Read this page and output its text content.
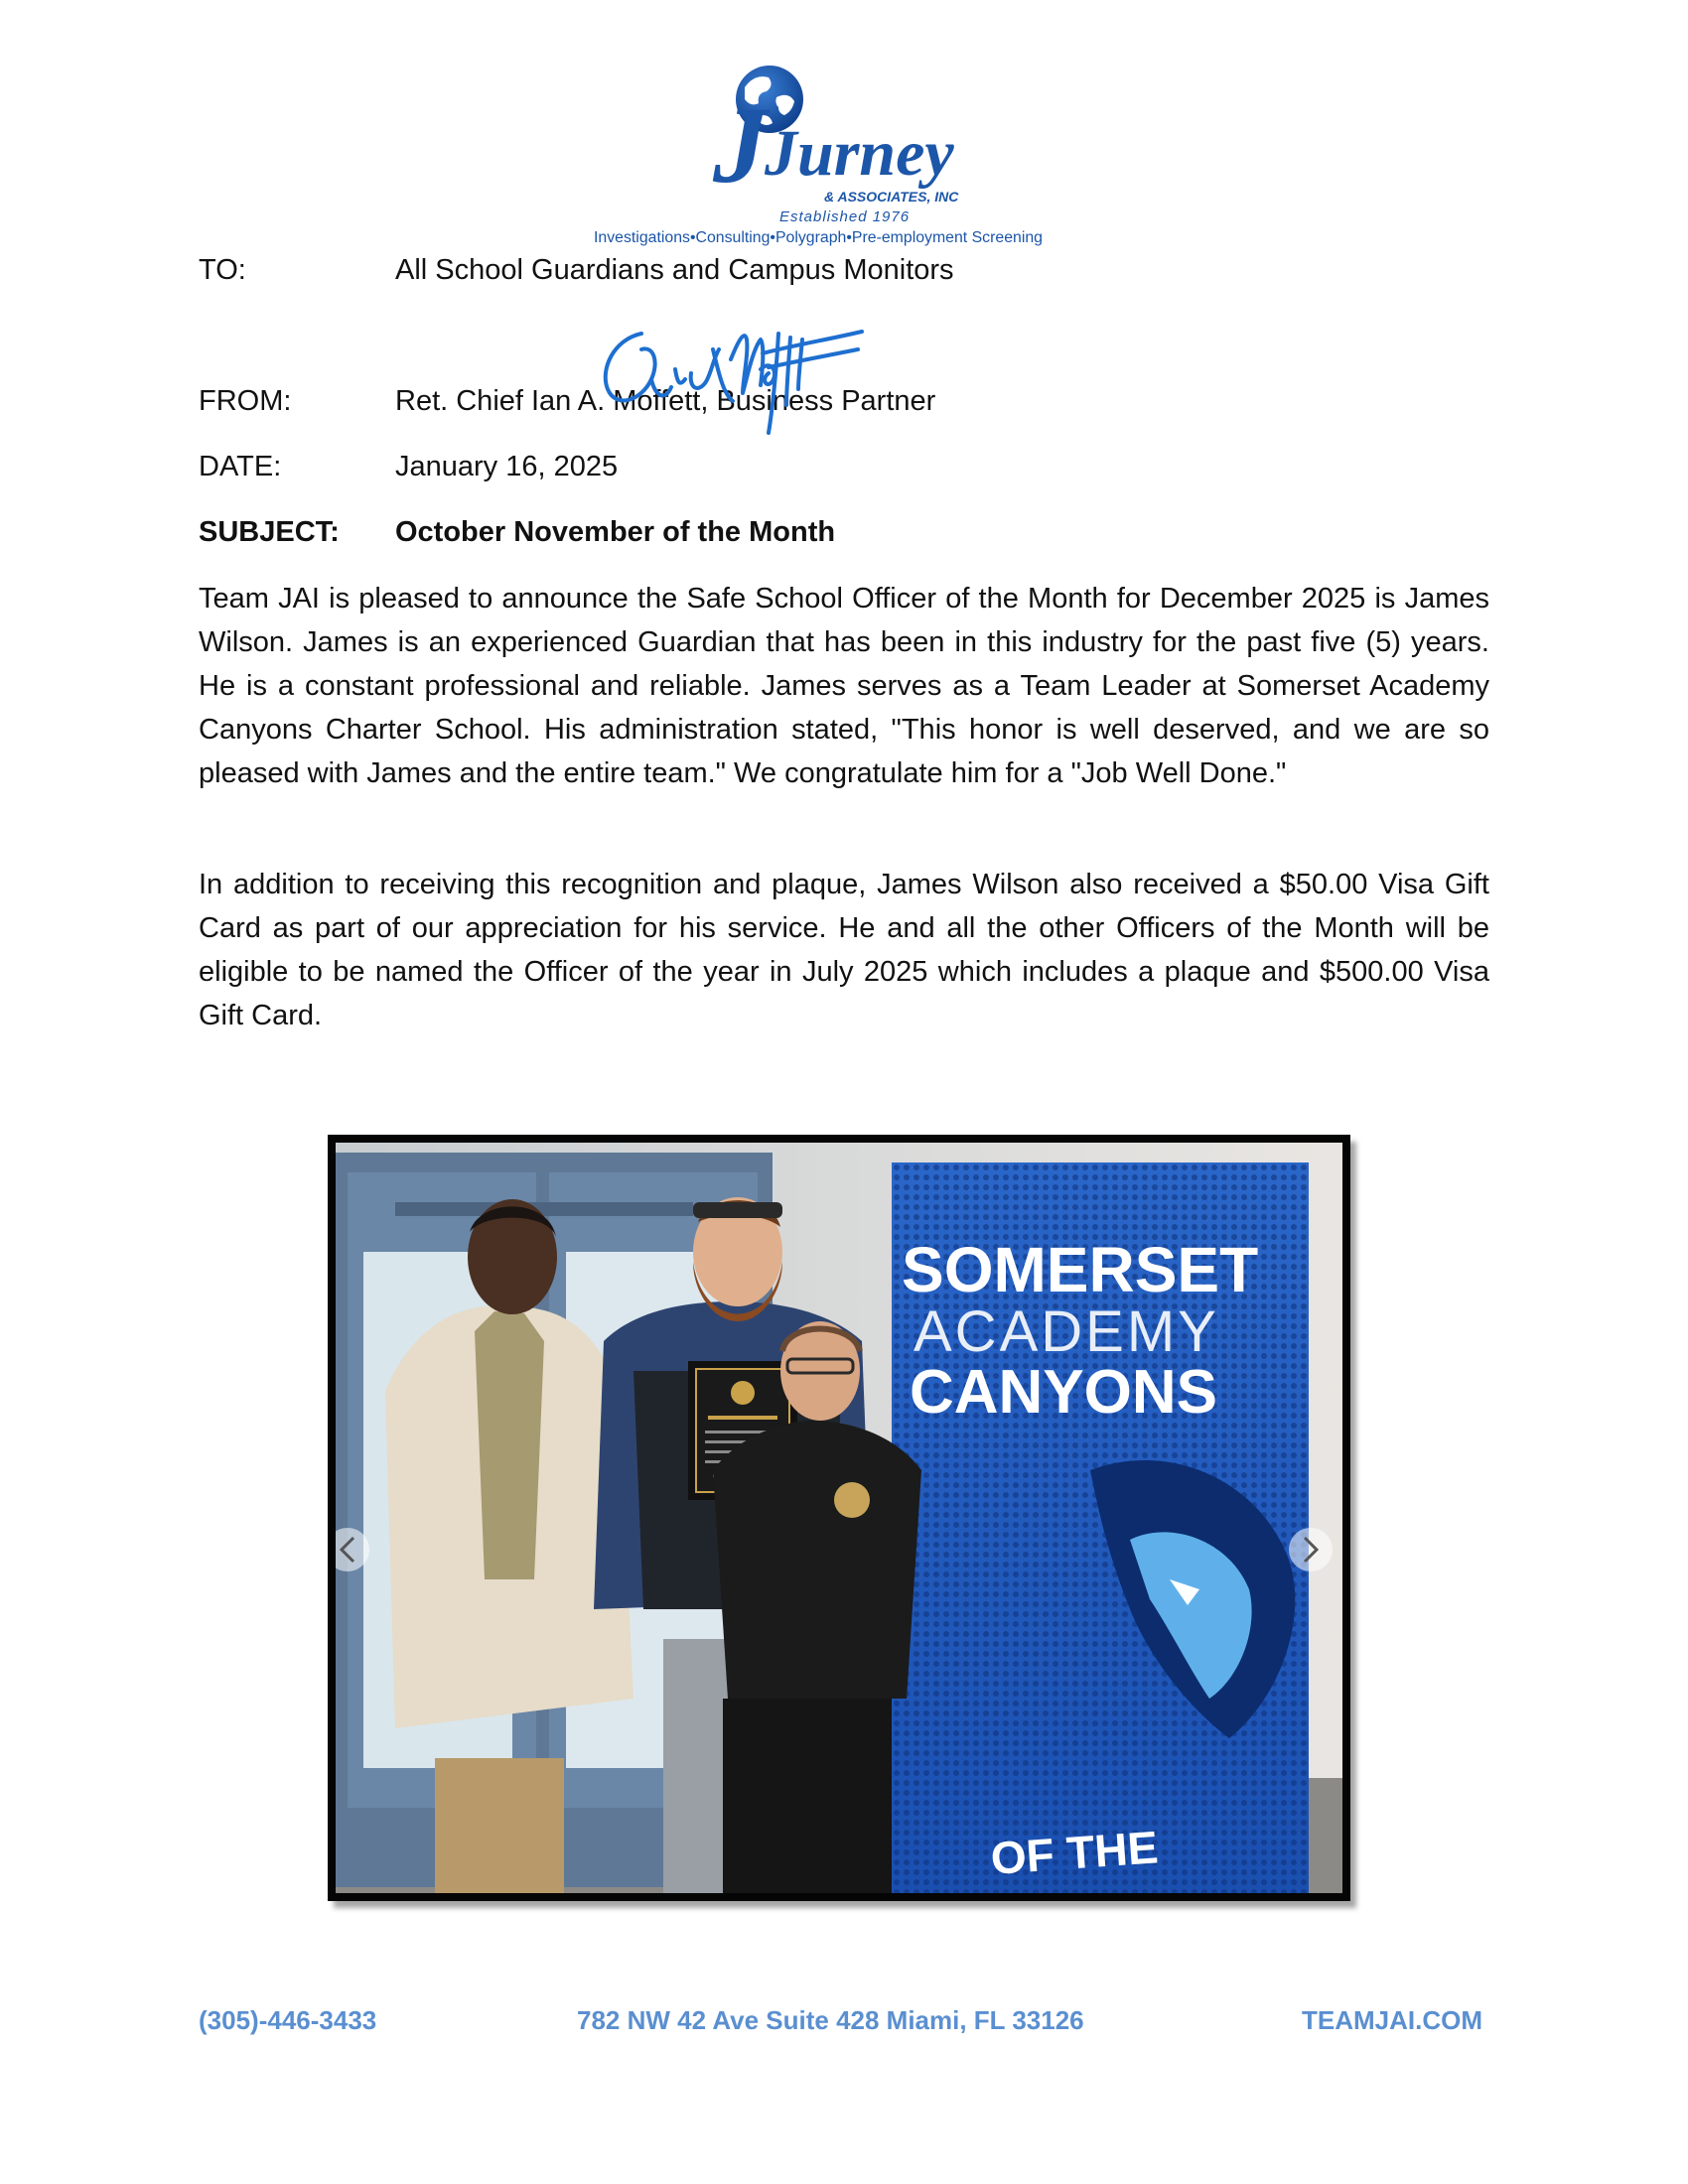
J
Jurney
& ASSOCIATES, INC
Established 1976
Investigations•Consulting•Polygraph•Pre-employment Screening
TO:	All School Guardians and Campus Monitors
FROM:	Ret. Chief Ian A. Moffett, Business Partner
DATE:	January 16, 2025
SUBJECT: October November of the Month

Team JAI is pleased to announce the Safe School Officer of the Month for December 2025 is James Wilson. James is an experienced Guardian that has been in this industry for the past five (5) years. He is a constant professional and reliable. James serves as a Team Leader at Somerset Academy Canyons Charter School. His administration stated, "This honor is well deserved, and we are so pleased with James and the entire team." We congratulate him for a "Job Well Done."

In addition to receiving this recognition and plaque, James Wilson also received a $50.00 Visa Gift Card as part of our appreciation for his service. He and all the other Officers of the Month will be eligible to be named the Officer of the year in July 2025 which includes a plaque and $500.00 Visa Gift Card.

SOMERSET
ACADEMY
CANYONS
OF THE
(305)-446-3433	782 NW 42 Ave Suite 428 Miami, FL 33126	TEAMJAI.COM
